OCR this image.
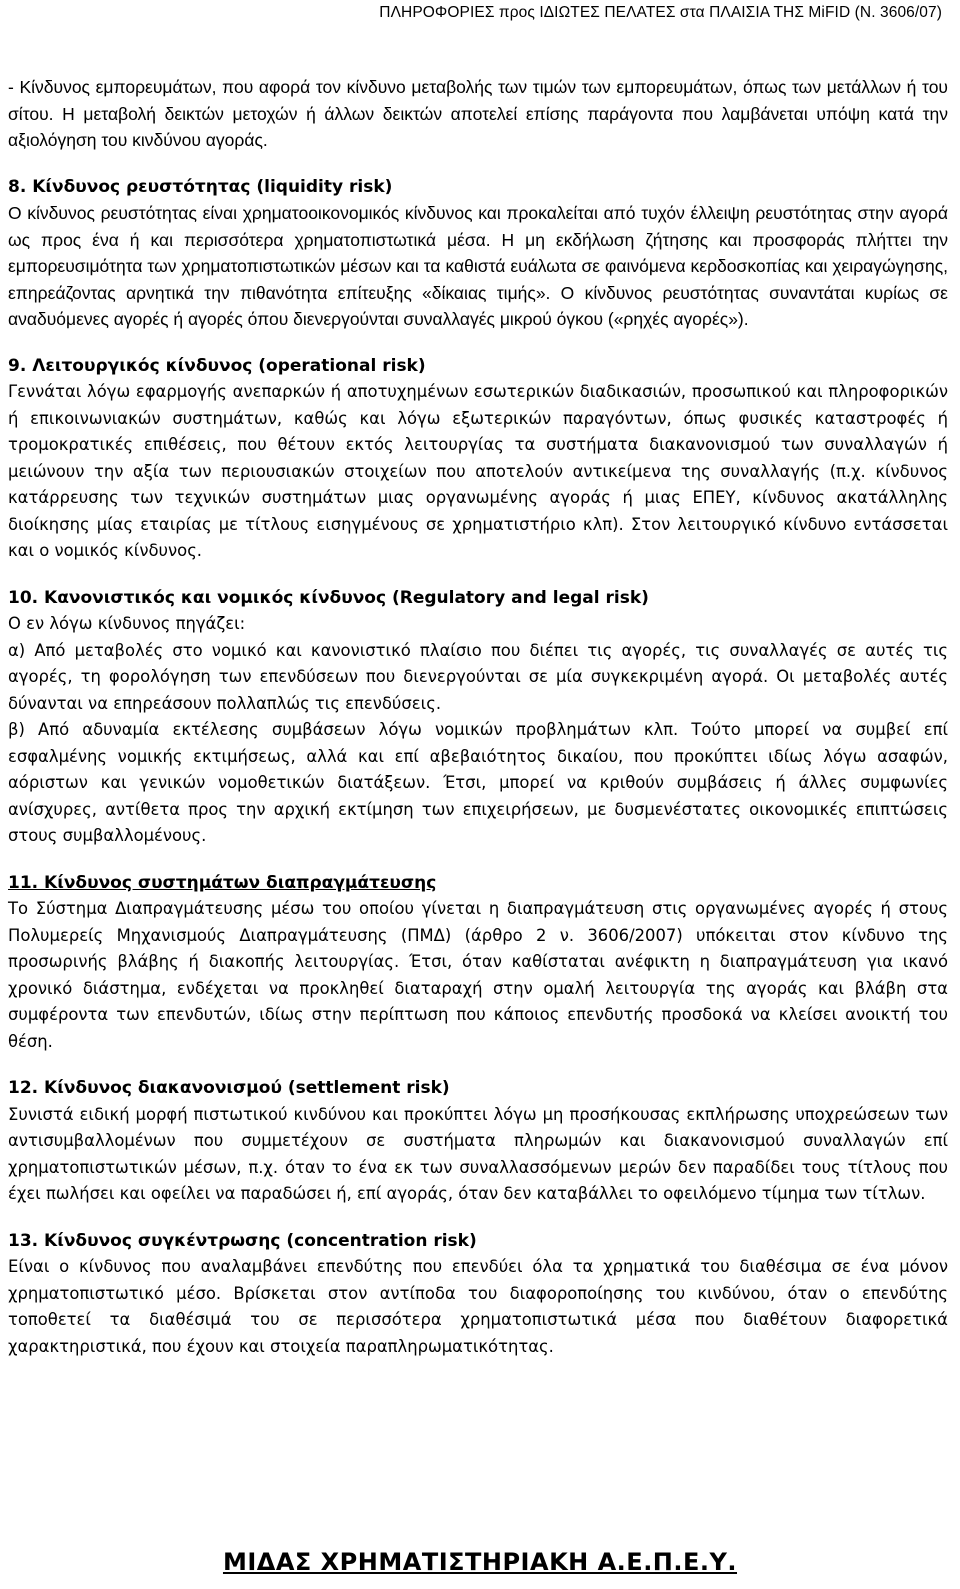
ΠΛΗΡΟΦΟΡΙΕΣ προς ΙΔΙΩΤΕΣ ΠΕΛΑΤΕΣ στα ΠΛΑΙΣΙΑ ΤΗΣ MiFID (Ν. 3606/07)

- Κίνδυνος εμπορευμάτων, που αφορά τον κίνδυνο μεταβολής των τιμών των εμπορευμάτων, όπως των μετάλλων ή του σίτου. Η μεταβολή δεικτών μετοχών ή άλλων δεικτών αποτελεί επίσης παράγοντα που λαμβάνεται υπόψη κατά την αξιολόγηση του κινδύνου αγοράς.

8. Κίνδυνος ρευστότητας (liquidity risk)

Ο κίνδυνος ρευστότητας είναι χρηματοοικονομικός κίνδυνος και προκαλείται από τυχόν έλλειψη ρευστότητας στην αγορά ως προς ένα ή και περισσότερα χρηματοπιστωτικά μέσα. Η μη εκδήλωση ζήτησης και προσφοράς πλήττει την εμπορευσιμότητα των χρηματοπιστωτικών μέσων και τα καθιστά ευάλωτα σε φαινόμενα κερδοσκοπίας και χειραγώγησης, επηρεάζοντας αρνητικά την πιθανότητα επίτευξης «δίκαιας τιμής». Ο κίνδυνος ρευστότητας συναντάται κυρίως σε αναδυόμενες αγορές ή αγορές όπου διενεργούνται συναλλαγές μικρού όγκου («ρηχές αγορές»).

9. Λειτουργικός κίνδυνος (operational risk)

Γεννάται λόγω εφαρμογής ανεπαρκών ή αποτυχημένων εσωτερικών διαδικασιών, προσωπικού και πληροφορικών ή επικοινωνιακών συστημάτων, καθώς και λόγω εξωτερικών παραγόντων, όπως φυσικές καταστροφές ή τρομοκρατικές επιθέσεις, που θέτουν εκτός λειτουργίας τα συστήματα διακανονισμού των συναλλαγών ή μειώνουν την αξία των περιουσιακών στοιχείων που αποτελούν αντικείμενα της συναλλαγής (π.χ. κίνδυνος κατάρρευσης των τεχνικών συστημάτων μιας οργανωμένης αγοράς ή μιας ΕΠΕΥ, κίνδυνος ακατάλληλης διοίκησης μίας εταιρίας με τίτλους εισηγμένους σε χρηματιστήριο κλπ). Στον λειτουργικό κίνδυνο εντάσσεται και ο νομικός κίνδυνος.

10. Κανονιστικός και νομικός κίνδυνος (Regulatory and legal risk)

Ο εν λόγω κίνδυνος πηγάζει:

α) Από μεταβολές στο νομικό και κανονιστικό πλαίσιο που διέπει τις αγορές, τις συναλλαγές σε αυτές τις αγορές, τη φορολόγηση των επενδύσεων που διενεργούνται σε μία συγκεκριμένη αγορά. Οι μεταβολές αυτές δύνανται να επηρεάσουν πολλαπλώς τις επενδύσεις.

β) Από αδυναμία εκτέλεσης συμβάσεων λόγω νομικών προβλημάτων κλπ. Τούτο μπορεί να συμβεί επί εσφαλμένης νομικής εκτιμήσεως, αλλά και επί αβεβαιότητος δικαίου, που προκύπτει ιδίως λόγω ασαφών, αόριστων και γενικών νομοθετικών διατάξεων. Έτσι, μπορεί να κριθούν συμβάσεις ή άλλες συμφωνίες ανίσχυρες, αντίθετα προς την αρχική εκτίμηση των επιχειρήσεων, με δυσμενέστατες οικονομικές επιπτώσεις στους συμβαλλομένους.

11. Κίνδυνος συστημάτων διαπραγμάτευσης

Το Σύστημα Διαπραγμάτευσης μέσω του οποίου γίνεται η διαπραγμάτευση στις οργανωμένες αγορές ή στους Πολυμερείς Μηχανισμούς Διαπραγμάτευσης (ΠΜΔ) (άρθρο 2 ν. 3606/2007) υπόκειται στον κίνδυνο της προσωρινής βλάβης ή διακοπής λειτουργίας. Έτσι, όταν καθίσταται ανέφικτη η διαπραγμάτευση για ικανό χρονικό διάστημα, ενδέχεται να προκληθεί διαταραχή στην ομαλή λειτουργία της αγοράς και βλάβη στα συμφέροντα των επενδυτών, ιδίως στην περίπτωση που κάποιος επενδυτής προσδοκά να κλείσει ανοικτή του θέση.

12. Κίνδυνος διακανονισμού (settlement risk)

Συνιστά ειδική μορφή πιστωτικού κινδύνου και προκύπτει λόγω μη προσήκουσας εκπλήρωσης υποχρεώσεων των αντισυμβαλλομένων που συμμετέχουν σε συστήματα πληρωμών και διακανονισμού συναλλαγών επί χρηματοπιστωτικών μέσων, π.χ. όταν το ένα εκ των συναλλασσόμενων μερών δεν παραδίδει τους τίτλους που έχει πωλήσει και οφείλει να παραδώσει ή, επί αγοράς, όταν δεν καταβάλλει το οφειλόμενο τίμημα των τίτλων.

13. Κίνδυνος συγκέντρωσης (concentration risk)

Είναι ο κίνδυνος που αναλαμβάνει επενδύτης που επενδύει όλα τα χρηματικά του διαθέσιμα σε ένα μόνον χρηματοπιστωτικό μέσο. Βρίσκεται στον αντίποδα του διαφοροποίησης του κινδύνου, όταν ο επενδύτης τοποθετεί τα διαθέσιμά του σε περισσότερα χρηματοπιστωτικά μέσα που διαθέτουν διαφορετικά χαρακτηριστικά, που έχουν και στοιχεία παραπληρωματικότητας.

ΜΙΔΑΣ ΧΡΗΜΑΤΙΣΤΗΡΙΑΚΗ Α.Ε.Π.Ε.Υ.
